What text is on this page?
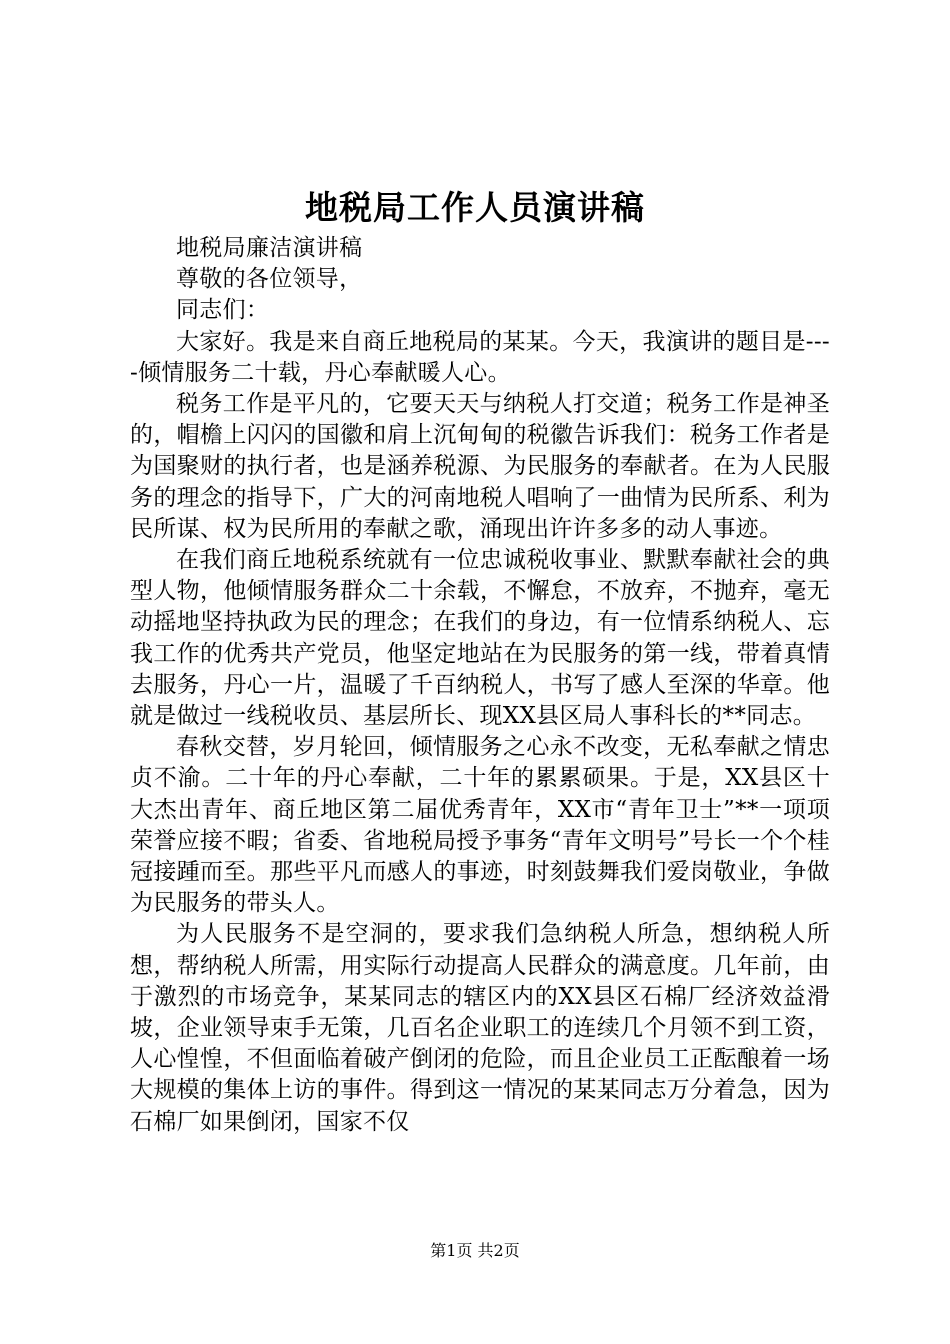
地税局工作人员演讲稿

地税局廉洁演讲稿

尊敬的各位领导，

同志们：

大家好。我是来自商丘地税局的某某。今天，我演讲的题目是----倾情服务二十载，丹心奉献暖人心。

税务工作是平凡的，它要天天与纳税人打交道；税务工作是神圣的，帽檐上闪闪的国徽和肩上沉甸甸的税徽告诉我们：税务工作者是为国聚财的执行者，也是涵养税源、为民服务的奉献者。在为人民服务的理念的指导下，广大的河南地税人唱响了一曲情为民所系、利为民所谋、权为民所用的奉献之歌，涌现出许许多多的动人事迹。

在我们商丘地税系统就有一位忠诚税收事业、默默奉献社会的典型人物，他倾情服务群众二十余载，不懈怠，不放弃，不抛弃，毫无动摇地坚持执政为民的理念；在我们的身边，有一位情系纳税人、忘我工作的优秀共产党员，他坚定地站在为民服务的第一线，带着真情去服务，丹心一片，温暖了千百纳税人，书写了感人至深的华章。他就是做过一线税收员、基层所长、现XX县区局人事科长的**同志。

春秋交替，岁月轮回，倾情服务之心永不改变，无私奉献之情忠贞不渝。二十年的丹心奉献，二十年的累累硕果。于是，XX县区十大杰出青年、商丘地区第二届优秀青年，XX市“青年卫士”**一项项荣誉应接不暇；省委、省地税局授予事务“青年文明号”号长一个个桂冠接踵而至。那些平凡而感人的事迹，时刻鼓舞我们爱岗敬业，争做为民服务的带头人。

为人民服务不是空洞的，要求我们急纳税人所急，想纳税人所想，帮纳税人所需，用实际行动提高人民群众的满意度。几年前，由于激烈的市场竞争，某某同志的辖区内的XX县区石棉厂经济效益滑坡，企业领导束手无策，几百名企业职工的连续几个月领不到工资，人心惶惶，不但面临着破产倒闭的危险，而且企业员工正酝酿着一场大规模的集体上访的事件。得到这一情况的某某同志万分着急，因为石棉厂如果倒闭，国家不仅

第1页 共2页
